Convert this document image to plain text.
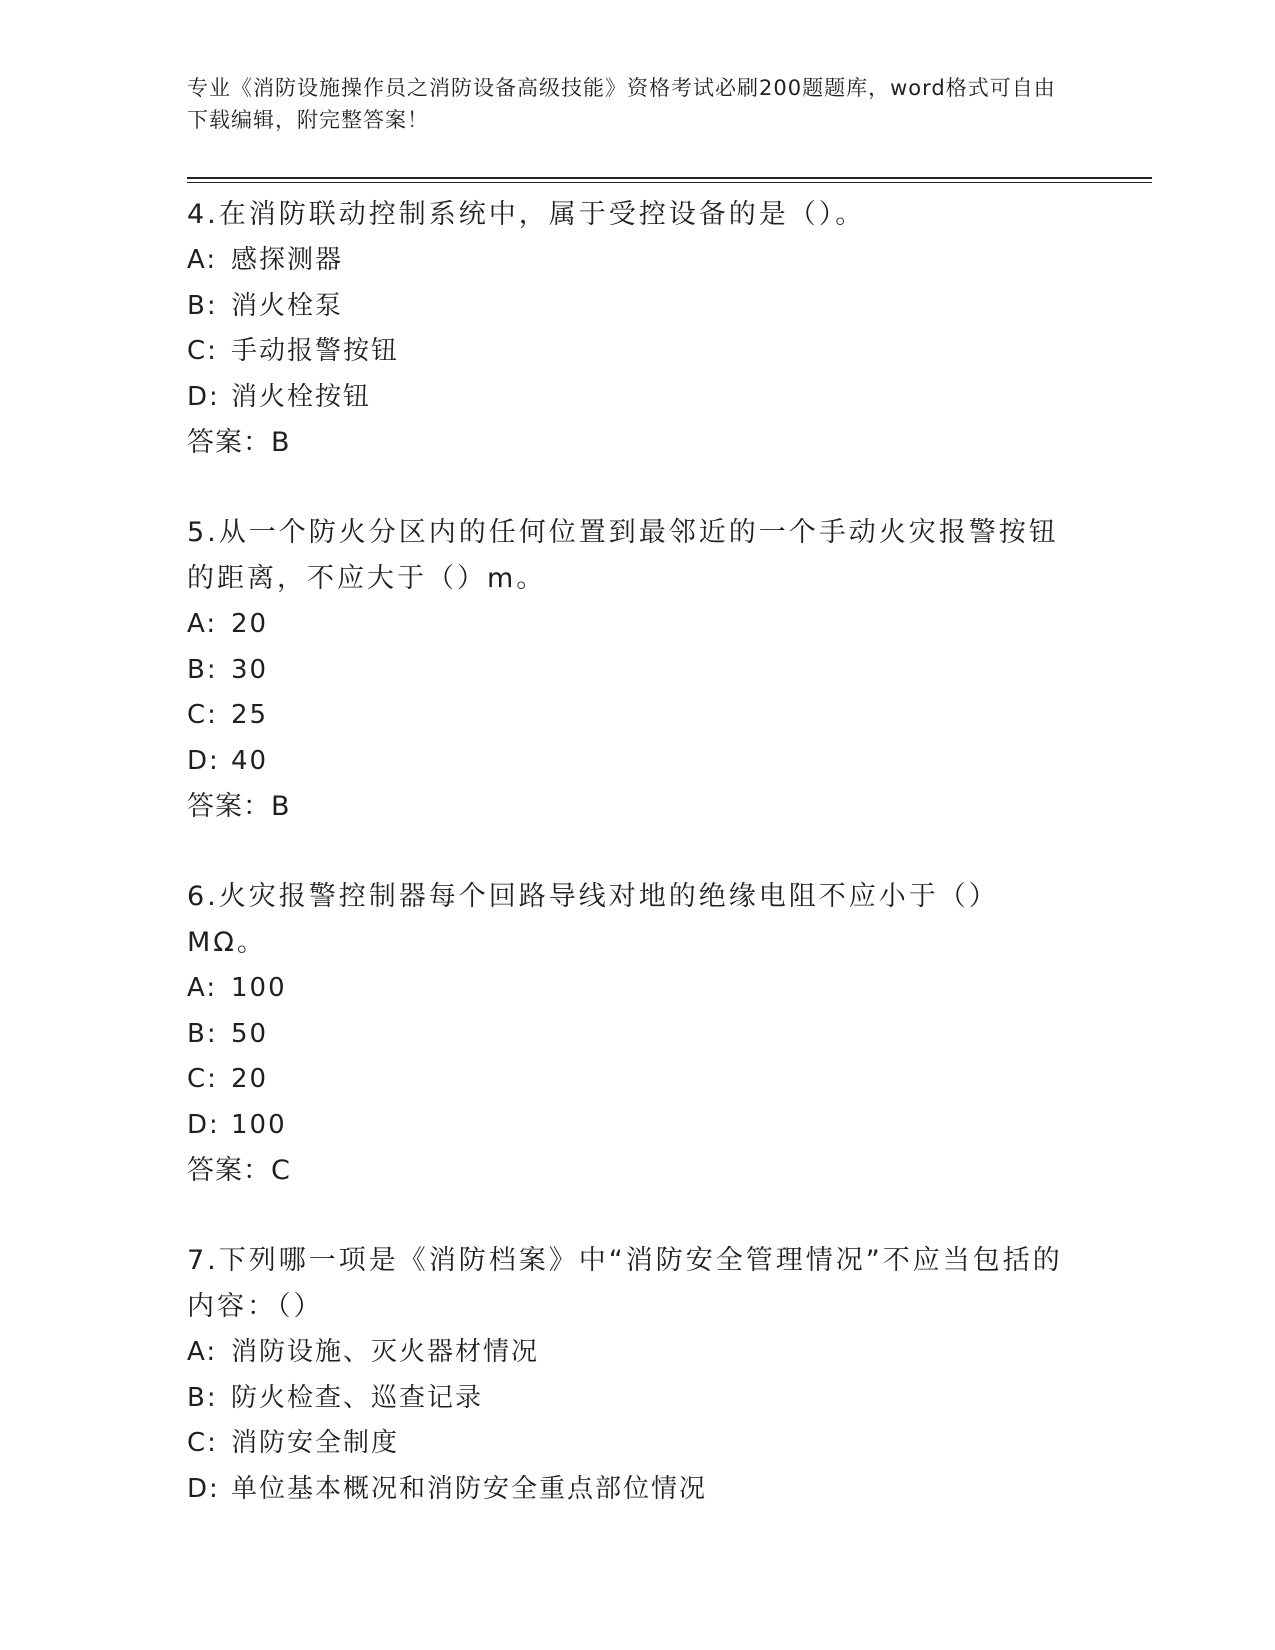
专业《消防设施操作员之消防设备高级技能》资格考试必刷200题题库，word格式可自由下载编辑，附完整答案！

4.在消防联动控制系统中，属于受控设备的是（）。

A: 感探测器
B: 消火栓泵
C: 手动报警按钮
D: 消火栓按钮
答案：B

5.从一个防火分区内的任何位置到最邻近的一个手动火灾报警按钮的距离，不应大于（）m。

A: 20
B: 30
C: 25
D: 40
答案：B

6.火灾报警控制器每个回路导线对地的绝缘电阻不应小于（）MΩ。

A: 100
B: 50
C: 20
D: 100
答案：C

7.下列哪一项是《消防档案》中“消防安全管理情况”不应当包括的内容：（）

A: 消防设施、灭火器材情况
B: 防火检查、巡查记录
C: 消防安全制度
D: 单位基本概况和消防安全重点部位情况
